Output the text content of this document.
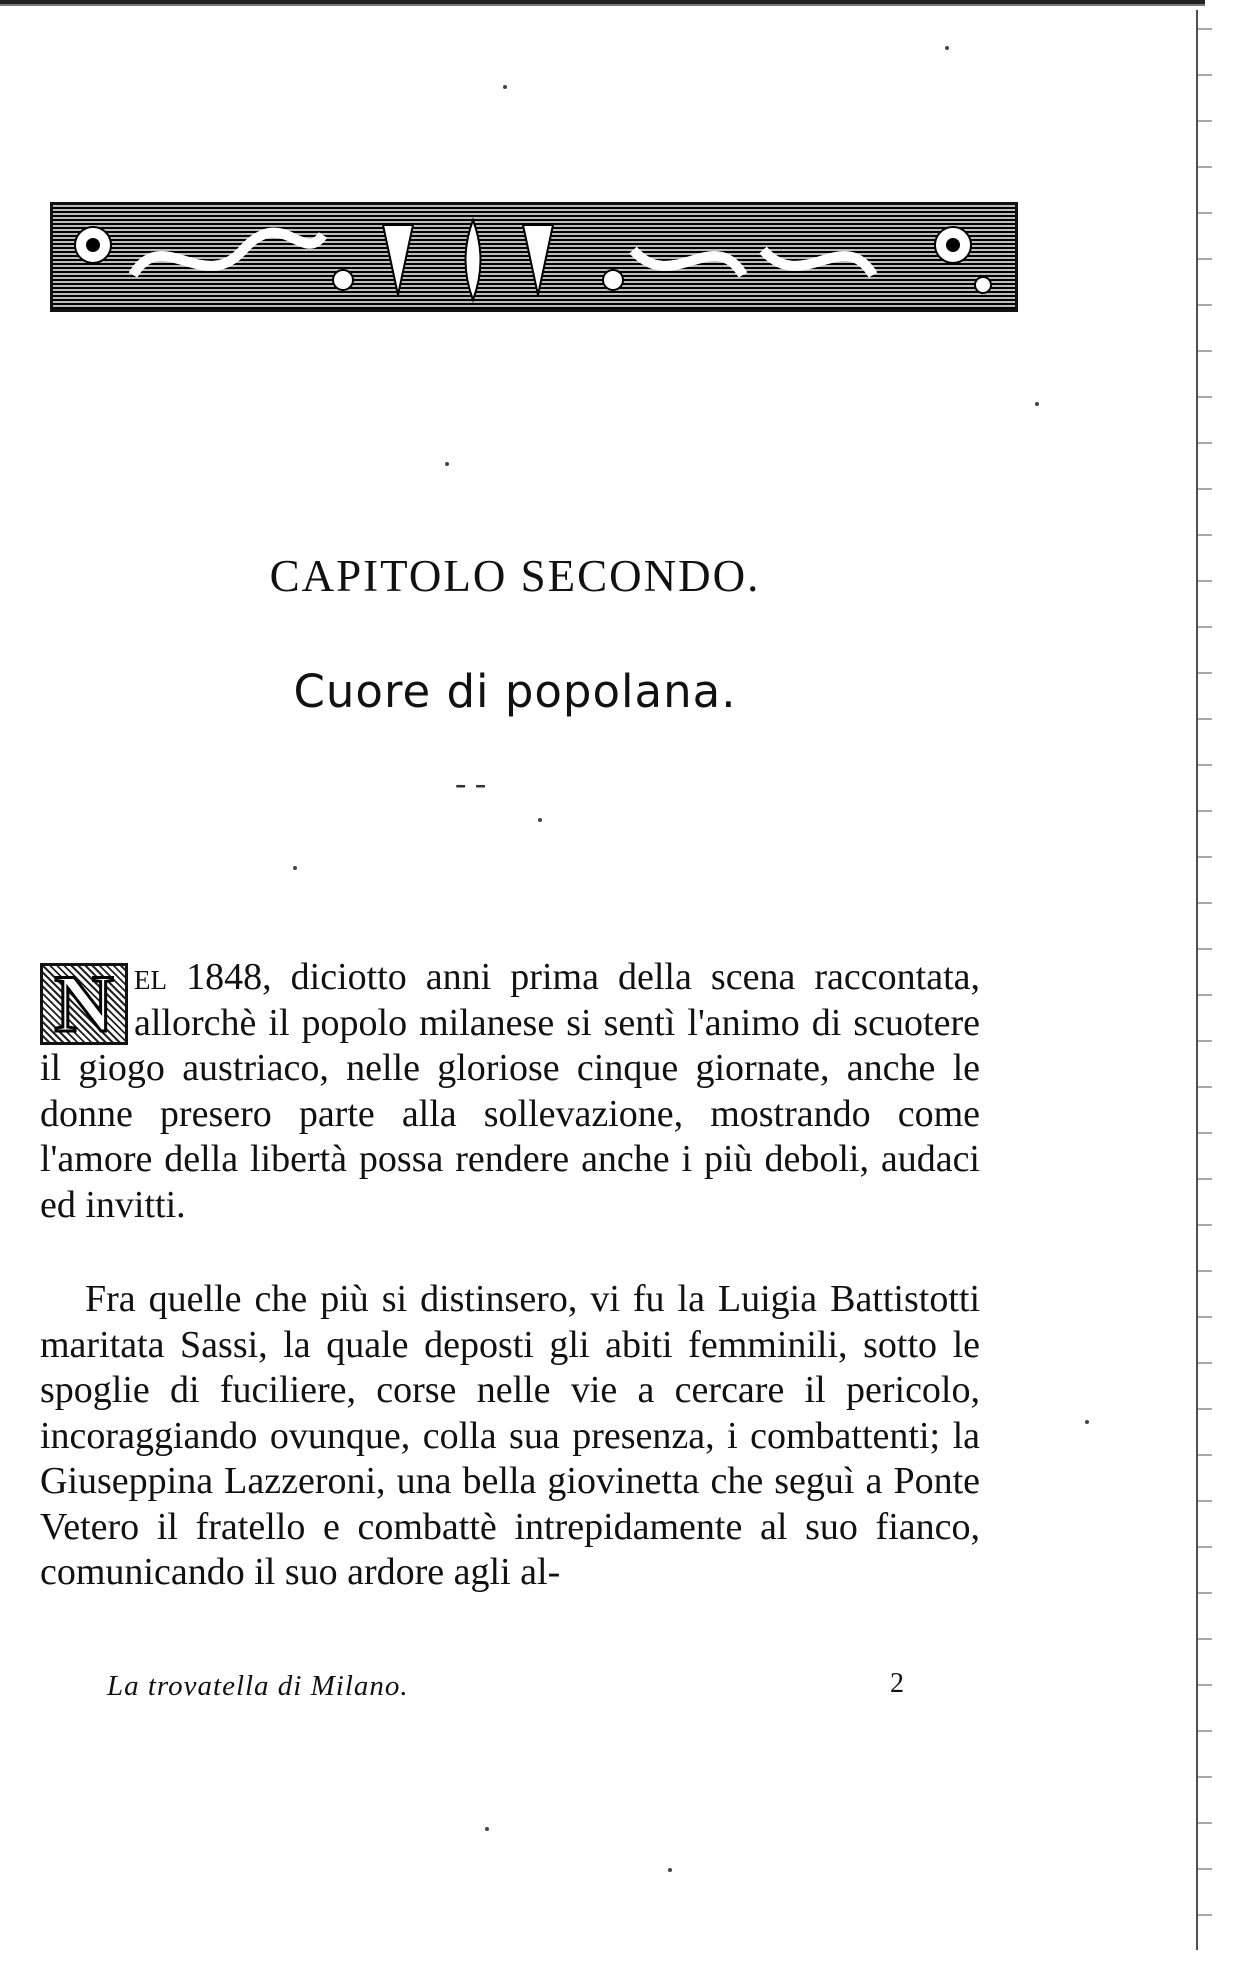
CAPITOLO SECONDO.
Cuore di popolana.
- -

N el 1848, diciotto anni prima della scena raccontata, allorchè il popolo milanese si sentì l'animo di scuotere il giogo austriaco, nelle gloriose cinque giornate, anche le donne presero parte alla sollevazione, mostrando come l'amore della libertà possa rendere anche i più deboli, audaci ed invitti.

Fra quelle che più si distinsero, vi fu la Luigia Battistotti maritata Sassi, la quale deposti gli abiti femminili, sotto le spoglie di fuciliere, corse nelle vie a cercare il pericolo, incoraggiando ovunque, colla sua presenza, i combattenti; la Giuseppina Lazzeroni, una bella giovinetta che seguì a Ponte Vetero il fratello e combattè intrepidamente al suo fianco, comunicando il suo ardore agli al-

La trovatella di Milano.	2
